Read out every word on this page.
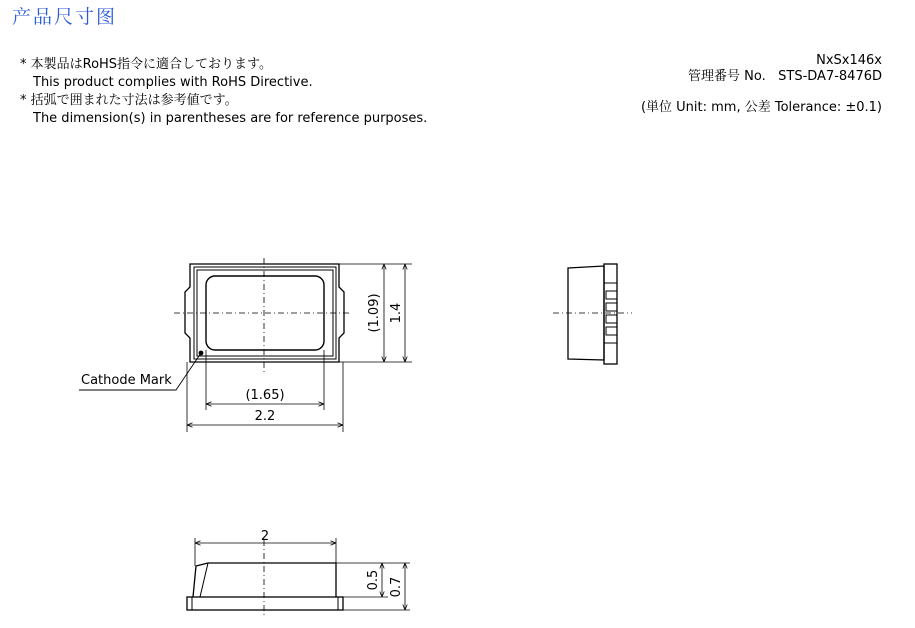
产品尺寸图
* 本製品はRoHS指令に適合しております。
This product complies with RoHS Directive.
* 括弧で囲まれた寸法は参考値です。
The dimension(s) in parentheses are for reference purposes.
NxSx146x
管理番号 No.   STS-DA7-8476D
(単位 Unit: mm, 公差 Tolerance: ±0.1)
Cathode Mark
(1.09) 1.4
(1.65)
2.2
2
0.5 0.7
